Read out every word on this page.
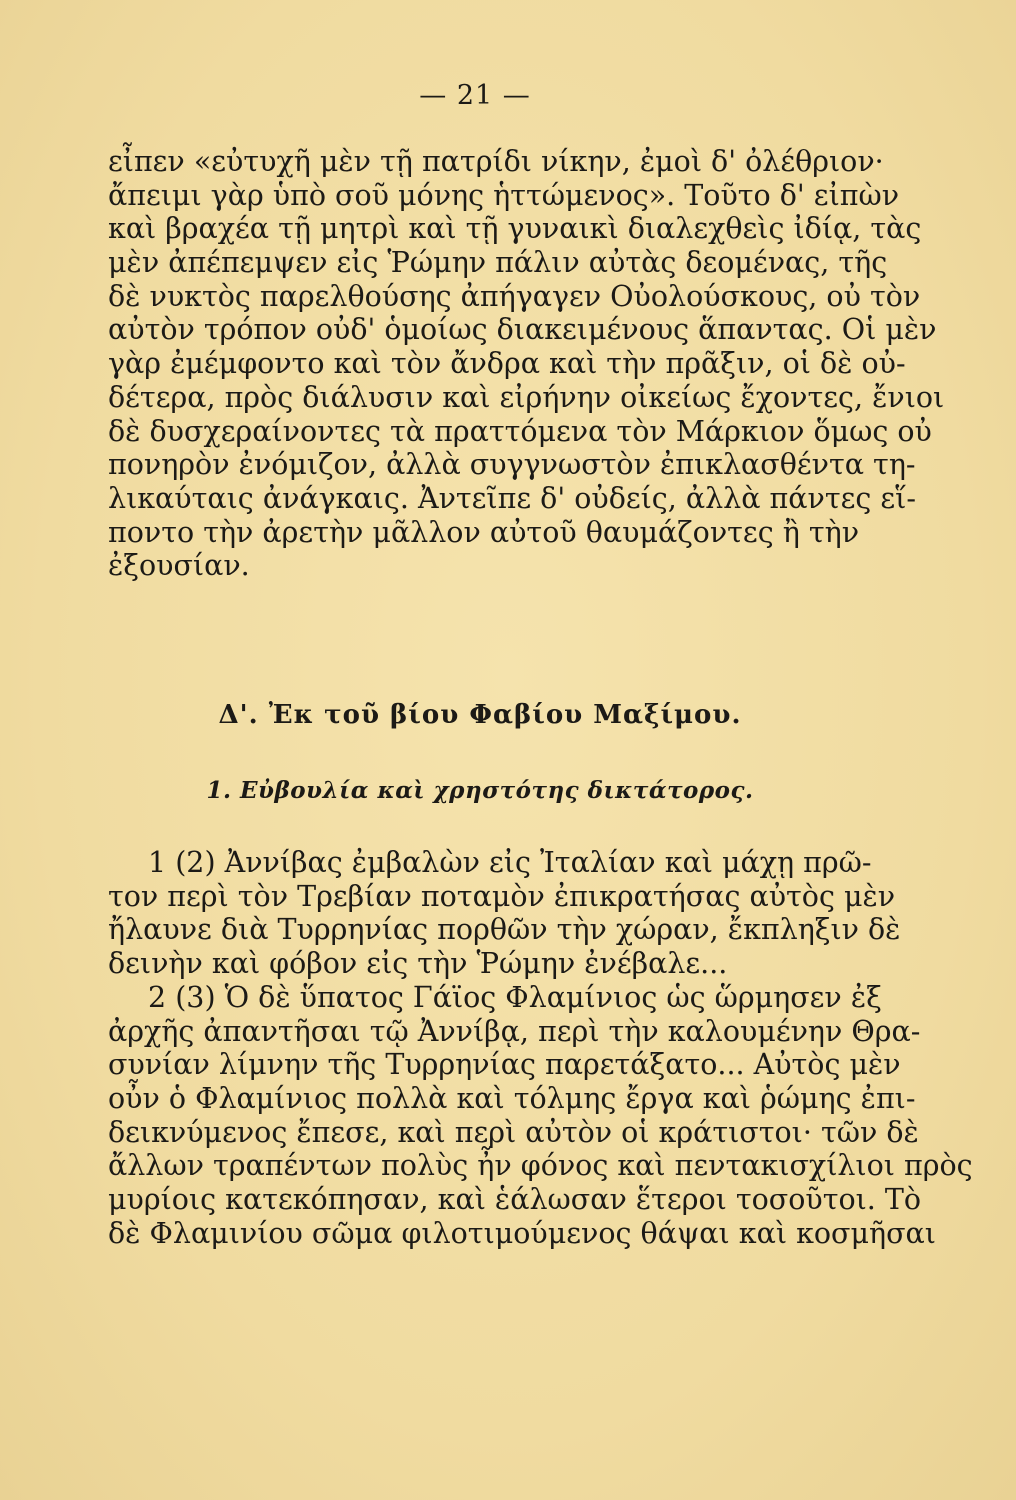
— 21 —
εἶπεν «εὐτυχῆ μὲν τῇ πατρίδι νίκην, ἐμοὶ δ' ὀλέθριον·
ἄπειμι γὰρ ὑπὸ σοῦ μόνης ἡττώμενος». Τοῦτο δ' εἰπὼν
καὶ βραχέα τῇ μητρὶ καὶ τῇ γυναικὶ διαλεχθεὶς ἰδίᾳ, τὰς
μὲν ἀπέπεμψεν εἰς Ῥώμην πάλιν αὐτὰς δεομένας, τῆς
δὲ νυκτὸς παρελθούσης ἀπήγαγεν Οὐολούσκους, οὐ τὸν
αὐτὸν τρόπον οὐδ' ὁμοίως διακειμένους ἅπαντας. Οἱ μὲν
γὰρ ἐμέμφοντο καὶ τὸν ἄνδρα καὶ τὴν πρᾶξιν, οἱ δὲ οὐ-
δέτερα, πρὸς διάλυσιν καὶ εἰρήνην οἰκείως ἔχοντες, ἔνιοι
δὲ δυσχεραίνοντες τὰ πραττόμενα τὸν Μάρκιον ὅμως οὐ
πονηρὸν ἐνόμιζον, ἀλλὰ συγγνωστὸν ἐπικλασθέντα τη-
λικαύταις ἀνάγκαις. Ἀντεῖπε δ' οὐδείς, ἀλλὰ πάντες εἵ-
ποντο τὴν ἀρετὴν μᾶλλον αὐτοῦ θαυμάζοντες ἢ τὴν
ἐξουσίαν.
Δ'. Ἐκ τοῦ βίου Φαβίου Μαξίμου.
1. Εὐβουλία καὶ χρηστότης δικτάτορος.
1 (2) Ἀννίβας ἐμβαλὼν εἰς Ἰταλίαν καὶ μάχῃ πρῶ-
τον περὶ τὸν Τρεβίαν ποταμὸν ἐπικρατήσας αὐτὸς μὲν
ἤλαυνε διὰ Τυρρηνίας πορθῶν τὴν χώραν, ἔκπληξιν δὲ
δεινὴν καὶ φόβον εἰς τὴν Ῥώμην ἐνέβαλε...
2 (3) Ὁ δὲ ὕπατος Γάϊος Φλαμίνιος ὡς ὥρμησεν ἐξ
ἀρχῆς ἀπαντῆσαι τῷ Ἀννίβᾳ, περὶ τὴν καλουμένην Θρα-
συνίαν λίμνην τῆς Τυρρηνίας παρετάξατο... Αὐτὸς μὲν
οὖν ὁ Φλαμίνιος πολλὰ καὶ τόλμης ἔργα καὶ ῥώμης ἐπι-
δεικνύμενος ἔπεσε, καὶ περὶ αὐτὸν οἱ κράτιστοι· τῶν δὲ
ἄλλων τραπέντων πολὺς ἦν φόνος καὶ πεντακισχίλιοι πρὸς
μυρίοις κατεκόπησαν, καὶ ἑάλωσαν ἕτεροι τοσοῦτοι. Τὸ
δὲ Φλαμινίου σῶμα φιλοτιμούμενος θάψαι καὶ κοσμῆσαι
